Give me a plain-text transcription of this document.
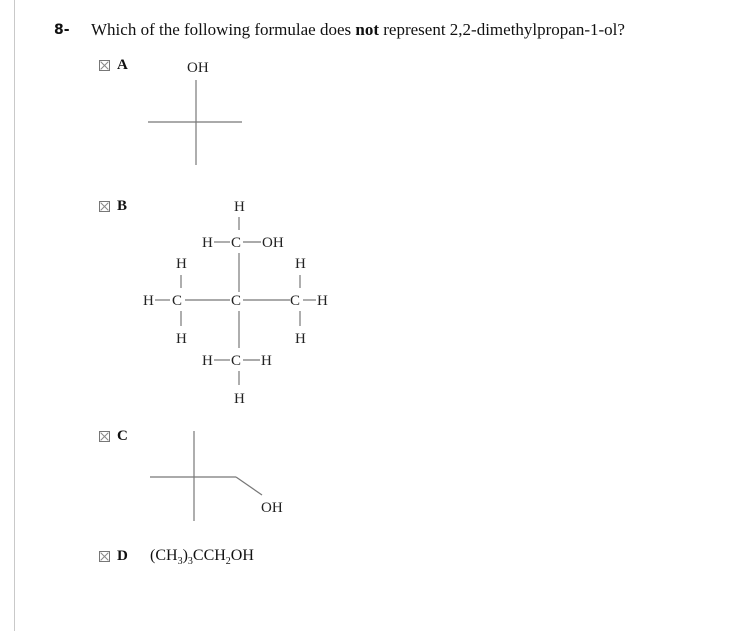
8- Which of the following formulae does not represent 2,2-dimethylpropan-1-ol?
A	OH
B	H
H C OH
H
H C	C	C H
H
H
H
H C H
H
C
OH
D $(CH_3)_3CCH_2OH$
